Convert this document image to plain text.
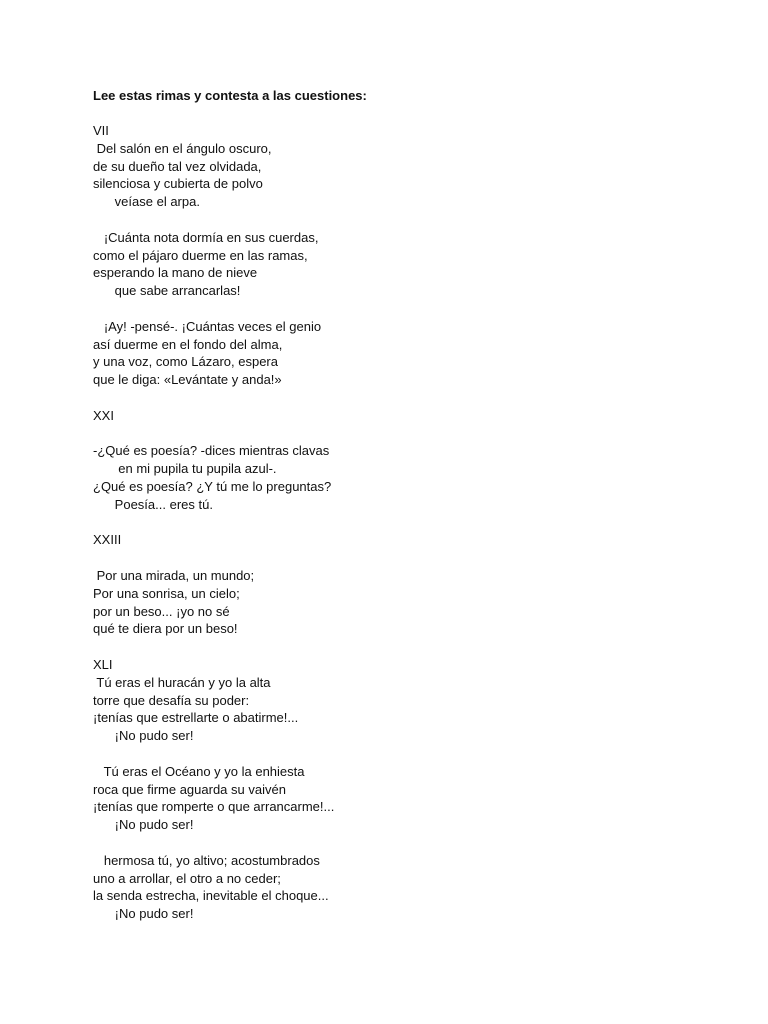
Lee estas rimas y contesta a las cuestiones:
VII
Del salón en el ángulo oscuro,
de su dueño tal vez olvidada,
silenciosa y cubierta de polvo
veíase el arpa.
¡Cuánta nota dormía en sus cuerdas,
como el pájaro duerme en las ramas,
esperando la mano de nieve
que sabe arrancarlas!
¡Ay! -pensé-. ¡Cuántas veces el genio
así duerme en el fondo del alma,
y una voz, como Lázaro, espera
que le diga: «Levántate y anda!»
XXI
-¿Qué es poesía? -dices mientras clavas
en mi pupila tu pupila azul-.
¿Qué es poesía? ¿Y tú me lo preguntas?
Poesía... eres tú.
XXIII
Por una mirada, un mundo;
Por una sonrisa, un cielo;
por un beso... ¡yo no sé
qué te diera por un beso!
XLI
Tú eras el huracán y yo la alta
torre que desafía su poder:
¡tenías que estrellarte o abatirme!...
¡No pudo ser!
Tú eras el Océano y yo la enhiesta
roca que firme aguarda su vaivén
¡tenías que romperte o que arrancarme!...
¡No pudo ser!
hermosa tú, yo altivo; acostumbrados
uno a arrollar, el otro a no ceder;
la senda estrecha, inevitable el choque...
¡No pudo ser!
